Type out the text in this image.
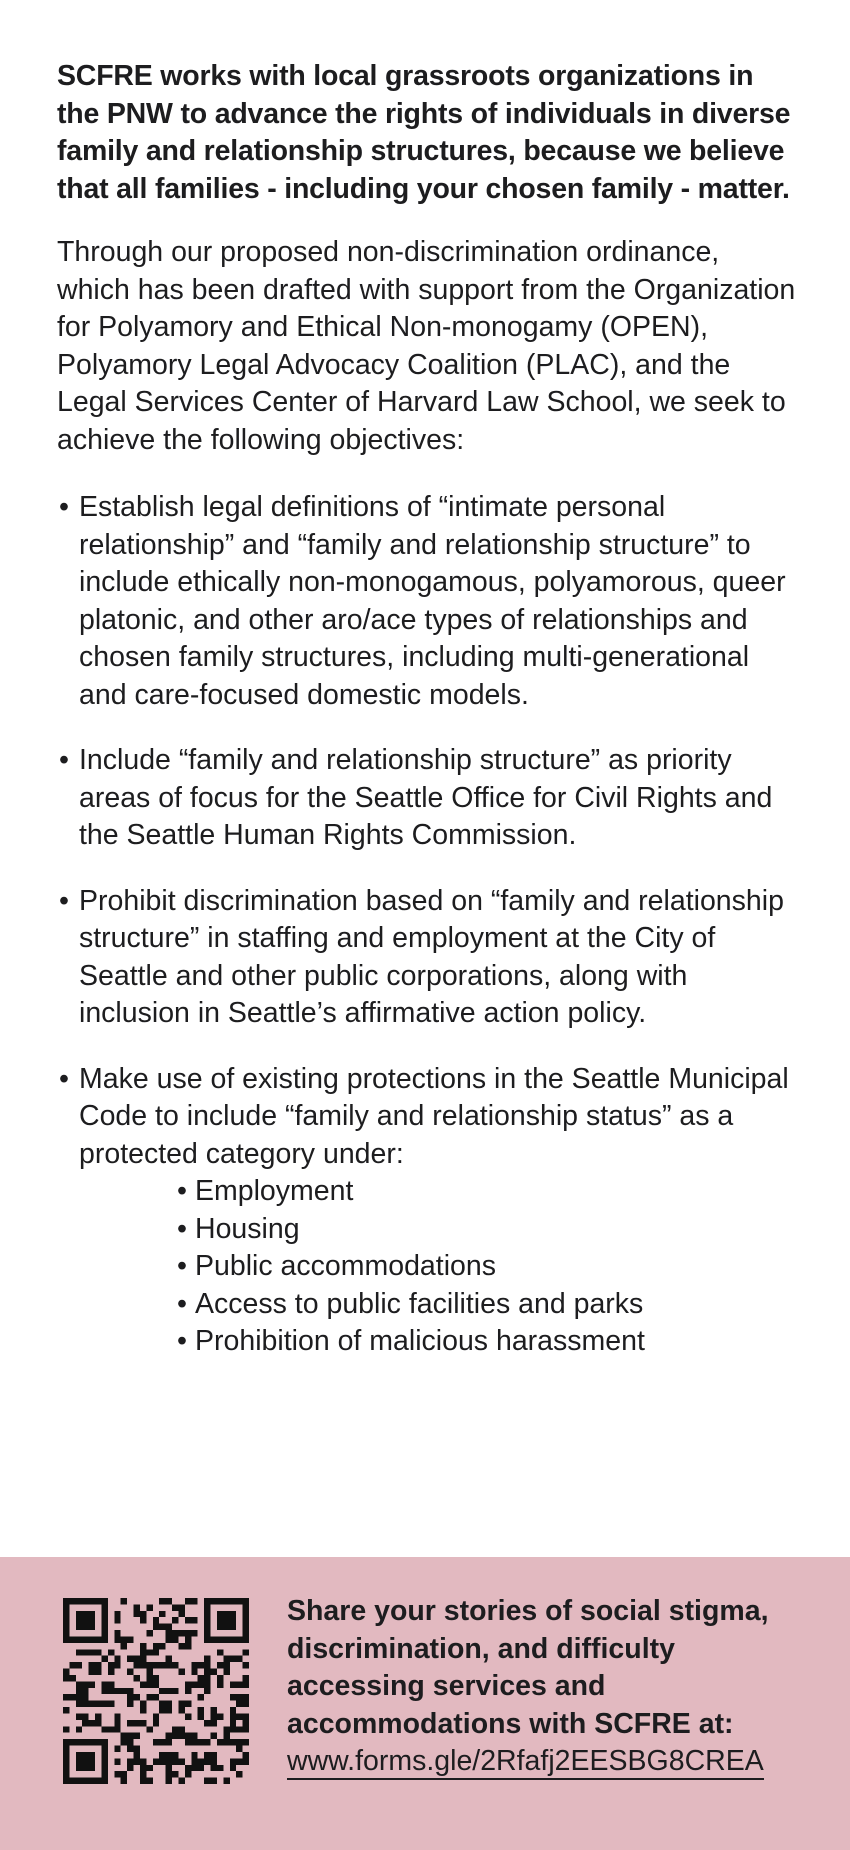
SCFRE works with local grassroots organizations in the PNW to advance the rights of individuals in diverse family and relationship structures, because we believe that all families - including your chosen family - matter.

Through our proposed non-discrimination ordinance, which has been drafted with support from the Organization for Polyamory and Ethical Non-monogamy (OPEN), Polyamory Legal Advocacy Coalition (PLAC), and the Legal Services Center of Harvard Law School, we seek to achieve the following objectives:

• Establish legal definitions of “intimate personal relationship” and “family and relationship structure” to include ethically non-monogamous, polyamorous, queer platonic, and other aro/ace types of relationships and chosen family structures, including multi-generational and care-focused domestic models.
• Include “family and relationship structure” as priority areas of focus for the Seattle Office for Civil Rights and the Seattle Human Rights Commission.
• Prohibit discrimination based on “family and relationship structure” in staffing and employment at the City of Seattle and other public corporations, along with inclusion in Seattle’s affirmative action policy.
• Make use of existing protections in the Seattle Municipal Code to include “family and relationship status” as a protected category under:
• Employment
• Housing
• Public accommodations
• Access to public facilities and parks
• Prohibition of malicious harassment
Share your stories of social stigma, discrimination, and difficulty accessing services and accommodations with SCFRE at:
www.forms.gle/2Rfafj2EESBG8CREA
